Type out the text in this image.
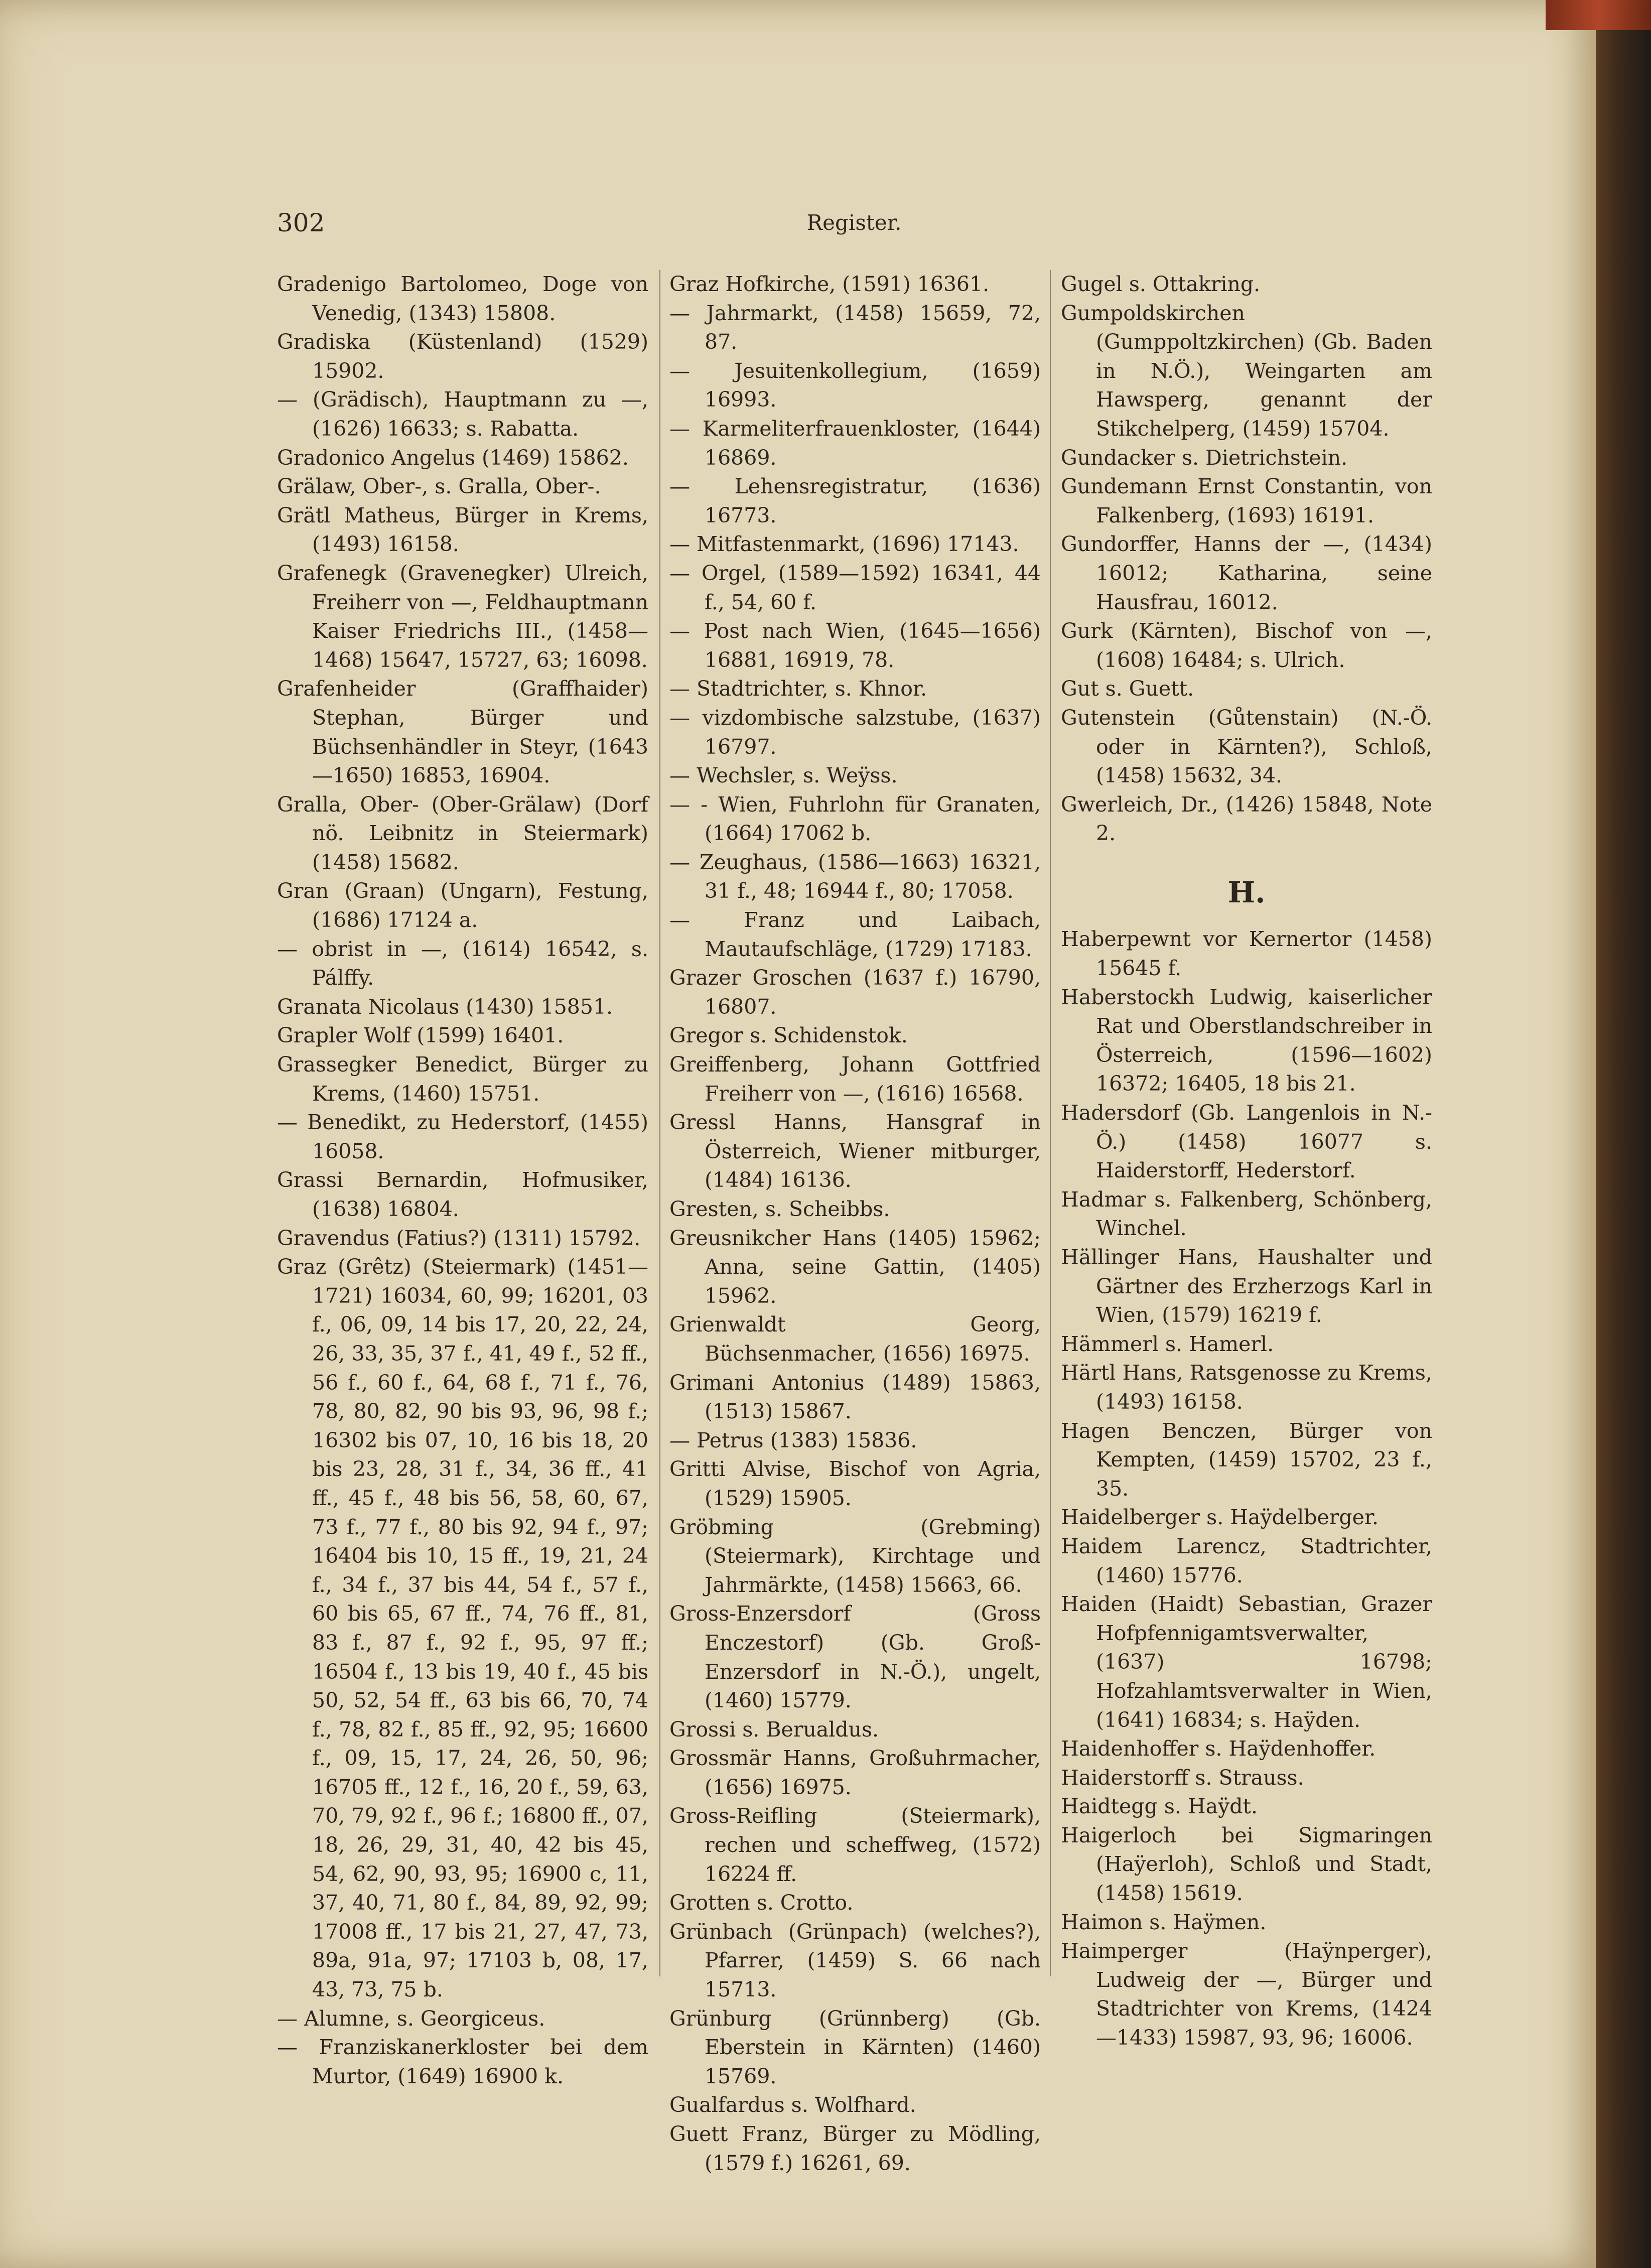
302	Register.

Gradenigo Bartolomeo, Doge von Venedig, (1343) 15808.

Gradiska (Küstenland) (1529) 15902.

— (Grädisch), Hauptmann zu —, (1626) 16633; s. Rabatta.

Gradonico Angelus (1469) 15862.

Grälaw, Ober-, s. Gralla, Ober-.

Grätl Matheus, Bürger in Krems, (1493) 16158.

Grafenegk (Gravenegker) Ulreich, Freiherr von —, Feldhauptmann Kaiser Friedrichs III., (1458—1468) 15647, 15727, 63; 16098.

Grafenheider (Graffhaider) Stephan, Bürger und Büchsenhändler in Steyr, (1643—1650) 16853, 16904.

Gralla, Ober- (Ober-Grälaw) (Dorf nö. Leibnitz in Steiermark) (1458) 15682.

Gran (Graan) (Ungarn), Festung, (1686) 17124 a.

— obrist in —, (1614) 16542, s. Pálffy.

Granata Nicolaus (1430) 15851.

Grapler Wolf (1599) 16401.

Grassegker Benedict, Bürger zu Krems, (1460) 15751.

— Benedikt, zu Hederstorf, (1455) 16058.

Grassi Bernardin, Hofmusiker, (1638) 16804.

Gravendus (Fatius?) (1311) 15792.

Graz (Grêtz) (Steiermark) (1451—1721) 16034, 60, 99; 16201, 03 f., 06, 09, 14 bis 17, 20, 22, 24, 26, 33, 35, 37 f., 41, 49 f., 52 ff., 56 f., 60 f., 64, 68 f., 71 f., 76, 78, 80, 82, 90 bis 93, 96, 98 f.; 16302 bis 07, 10, 16 bis 18, 20 bis 23, 28, 31 f., 34, 36 ff., 41 ff., 45 f., 48 bis 56, 58, 60, 67, 73 f., 77 f., 80 bis 92, 94 f., 97; 16404 bis 10, 15 ff., 19, 21, 24 f., 34 f., 37 bis 44, 54 f., 57 f., 60 bis 65, 67 ff., 74, 76 ff., 81, 83 f., 87 f., 92 f., 95, 97 ff.; 16504 f., 13 bis 19, 40 f., 45 bis 50, 52, 54 ff., 63 bis 66, 70, 74 f., 78, 82 f., 85 ff., 92, 95; 16600 f., 09, 15, 17, 24, 26, 50, 96; 16705 ff., 12 f., 16, 20 f., 59, 63, 70, 79, 92 f., 96 f.; 16800 ff., 07, 18, 26, 29, 31, 40, 42 bis 45, 54, 62, 90, 93, 95; 16900 c, 11, 37, 40, 71, 80 f., 84, 89, 92, 99; 17008 ff., 17 bis 21, 27, 47, 73, 89a, 91a, 97; 17103 b, 08, 17, 43, 73, 75 b.

— Alumne, s. Georgiceus.

— Franziskanerkloster bei dem Murtor, (1649) 16900 k.

Graz Hofkirche, (1591) 16361.

— Jahrmarkt, (1458) 15659, 72, 87.

— Jesuitenkollegium, (1659) 16993.

— Karmeliterfrauenkloster, (1644) 16869.

— Lehensregistratur, (1636) 16773.

— Mitfastenmarkt, (1696) 17143.

— Orgel, (1589—1592) 16341, 44 f., 54, 60 f.

— Post nach Wien, (1645—1656) 16881, 16919, 78.

— Stadtrichter, s. Khnor.

— vizdombische salzstube, (1637) 16797.

— Wechsler, s. Weÿss.

— - Wien, Fuhrlohn für Granaten, (1664) 17062 b.

— Zeughaus, (1586—1663) 16321, 31 f., 48; 16944 f., 80; 17058.

— Franz und Laibach, Mautaufschläge, (1729) 17183.

Grazer Groschen (1637 f.) 16790, 16807.

Gregor s. Schidenstok.

Greiffenberg, Johann Gottfried Freiherr von —, (1616) 16568.

Gressl Hanns, Hansgraf in Österreich, Wiener mitburger, (1484) 16136.

Gresten, s. Scheibbs.

Greusnikcher Hans (1405) 15962; Anna, seine Gattin, (1405) 15962.

Grienwaldt Georg, Büchsenmacher, (1656) 16975.

Grimani Antonius (1489) 15863, (1513) 15867.

— Petrus (1383) 15836.

Gritti Alvise, Bischof von Agria, (1529) 15905.

Gröbming (Grebming) (Steiermark), Kirchtage und Jahrmärkte, (1458) 15663, 66.

Gross-Enzersdorf (Gross Enczestorf) (Gb. Groß-Enzersdorf in N.-Ö.), ungelt, (1460) 15779.

Grossi s. Berualdus.

Grossmär Hanns, Großuhrmacher, (1656) 16975.

Gross-Reifling (Steiermark), rechen und scheffweg, (1572) 16224 ff.

Grotten s. Crotto.

Grünbach (Grünpach) (welches?), Pfarrer, (1459) S. 66 nach 15713.

Grünburg (Grünnberg) (Gb. Eberstein in Kärnten) (1460) 15769.

Gualfardus s. Wolfhard.

Guett Franz, Bürger zu Mödling, (1579 f.) 16261, 69.

Gugel s. Ottakring.

Gumpoldskirchen (Gumppoltzkirchen) (Gb. Baden in N.Ö.), Weingarten am Hawsperg, genannt der Stikchelperg, (1459) 15704.

Gundacker s. Dietrichstein.

Gundemann Ernst Constantin, von Falkenberg, (1693) 16191.

Gundorffer, Hanns der —, (1434) 16012; Katharina, seine Hausfrau, 16012.

Gurk (Kärnten), Bischof von —, (1608) 16484; s. Ulrich.

Gut s. Guett.

Gutenstein (Gůtenstain) (N.-Ö. oder in Kärnten?), Schloß, (1458) 15632, 34.

Gwerleich, Dr., (1426) 15848, Note 2.

H.

Haberpewnt vor Kernertor (1458) 15645 f.

Haberstockh Ludwig, kaiserlicher Rat und Oberstlandschreiber in Österreich, (1596—1602) 16372; 16405, 18 bis 21.

Hadersdorf (Gb. Langenlois in N.-Ö.) (1458) 16077 s. Haiderstorff, Hederstorf.

Hadmar s. Falkenberg, Schönberg, Winchel.

Hällinger Hans, Haushalter und Gärtner des Erzherzogs Karl in Wien, (1579) 16219 f.

Hämmerl s. Hamerl.

Härtl Hans, Ratsgenosse zu Krems, (1493) 16158.

Hagen Benczen, Bürger von Kempten, (1459) 15702, 23 f., 35.

Haidelberger s. Haÿdelberger.

Haidem Larencz, Stadtrichter, (1460) 15776.

Haiden (Haidt) Sebastian, Grazer Hofpfennigamtsverwalter, (1637) 16798; Hofzahlamtsverwalter in Wien, (1641) 16834; s. Haÿden.

Haidenhoffer s. Haÿdenhoffer.

Haiderstorff s. Strauss.

Haidtegg s. Haÿdt.

Haigerloch bei Sigmaringen (Haÿerloh), Schloß und Stadt, (1458) 15619.

Haimon s. Haÿmen.

Haimperger (Haÿnperger), Ludweig der —, Bürger und Stadtrichter von Krems, (1424—1433) 15987, 93, 96; 16006.
